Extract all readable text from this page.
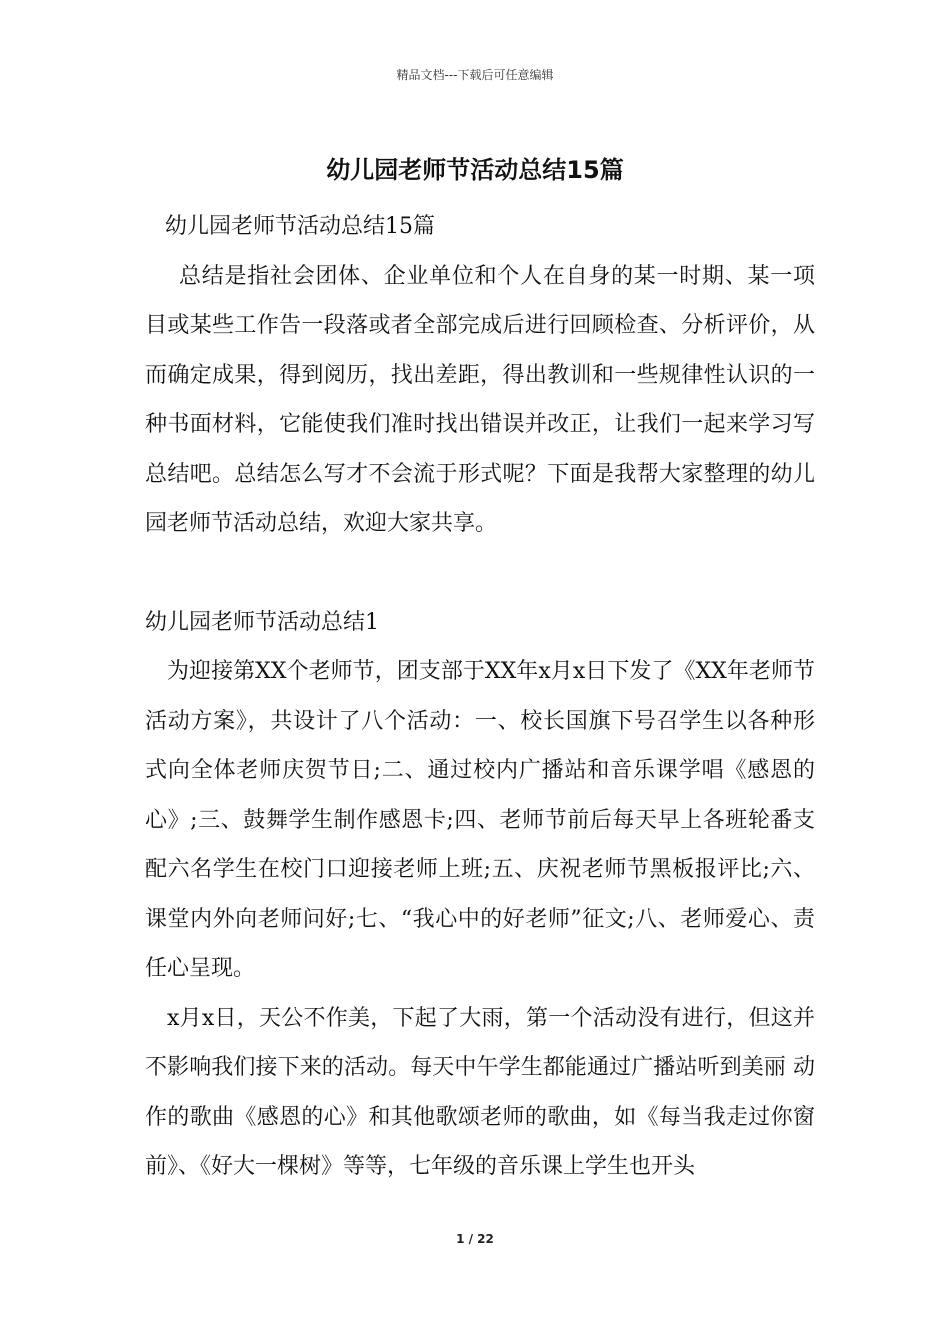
精品文档---下载后可任意编辑
幼儿园老师节活动总结15篇

幼儿园老师节活动总结15篇

总结是指社会团体、企业单位和个人在自身的某一时期、某一项目或某些工作告一段落或者全部完成后进行回顾检查、分析评价，从而确定成果，得到阅历，找出差距，得出教训和一些规律性认识的一种书面材料，它能使我们准时找出错误并改正，让我们一起来学习写总结吧。总结怎么写才不会流于形式呢？下面是我帮大家整理的幼儿园老师节活动总结，欢迎大家共享。

幼儿园老师节活动总结1

为迎接第XX个老师节，团支部于XX年x月x日下发了《XX年老师节活动方案》，共设计了八个活动：一、校长国旗下号召学生以各种形式向全体老师庆贺节日;二、通过校内广播站和音乐课学唱《感恩的心》;三、鼓舞学生制作感恩卡;四、老师节前后每天早上各班轮番支配六名学生在校门口迎接老师上班;五、庆祝老师节黑板报评比;六、课堂内外向老师问好;七、“我心中的好老师”征文;八、老师爱心、责任心呈现。

x月x日，天公不作美，下起了大雨，第一个活动没有进行，但这并不影响我们接下来的活动。每天中午学生都能通过广播站听到美丽 动作的歌曲《感恩的心》和其他歌颂老师的歌曲，如《每当我走过你窗前》、《好大一棵树》等等，七年级的音乐课上学生也开头

1 / 22
